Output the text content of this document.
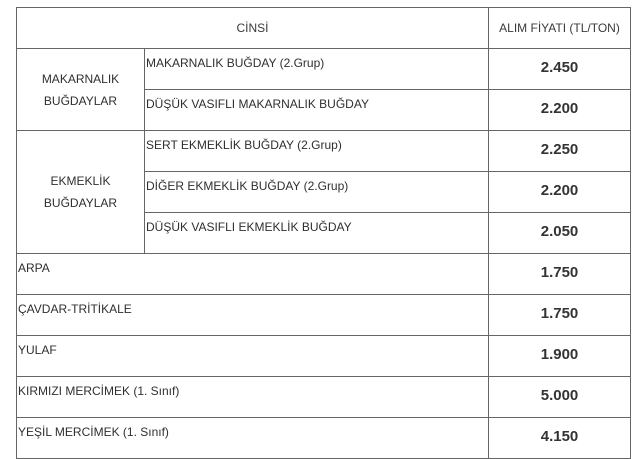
CİNSİ		ALIM FİYATI (TL/TON)

MAKARNALIK
BUĞDAYLAR	MAKARNALIK BUĞDAY (2.Grup)	2.450
	DÜŞÜK VASIFLI MAKARNALIK BUĞDAY	2.200

EKMEKLİK BUĞDAYLAR	SERT EKMEKLİK BUĞDAY (2.Grup)	2.250
	DİĞER EKMEKLİK BUĞDAY (2.Grup)	2.200
	DÜŞÜK VASIFLI EKMEKLİK BUĞDAY	2.050
ARPA		1.750
ÇAVDAR-TRİTİKALE		1.750
YULAF		1.900
KIRMIZI MERCİMEK (1. Sınıf)		5.000
YEŞİL MERCİMEK (1. Sınıf)		4.150
